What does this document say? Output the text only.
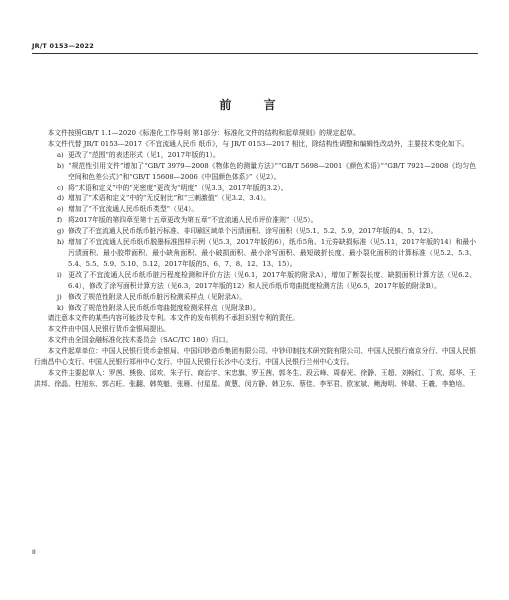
JR/T 0153—2022
前 言

本文件按照GB/T 1.1—2020《标准化工作导则 第1部分：标准化文件的结构和起草规则》的规定起草。

本文件代替 JR/T 0153—2017《不宜流通人民币 纸币》，与 JR/T 0153—2017 相比，除结构性调整和编辑性改动外，主要技术变化如下。

a) 更改了“范围”的表述形式（见1，2017年版的1）。

b) “规范性引用文件”增加了“GB/T 3979—2008《物体色的测量方法》”“GB/T 5698—2001《颜色术语》”“GB/T 7921—2008《均匀色空间和色差公式》”和“GB/T 15608—2006《中国颜色体系》”（见2）。

c) 将“术语和定义”中的“光密度”更改为“明度”（见3.3，2017年版的3.2）。

d) 增加了“术语和定义”中的“无反射比”和“三刺激值”（见3.2、3.4）。

e) 增加了“不宜流通人民币纸币类型”（见4）。

f) 将2017年版的第四章至第十五章更改为第五章“不宜流通人民币评价准则”（见5）。

g) 修改了不宜流通人民币纸币脏污标准、非印刷区域单个污渍面积、涂写面积（见5.1、5.2、5.9，2017年版的4、5、12）。

h) 增加了不宜流通人民币纸币脱墨标准图样示例（见5.3，2017年版的6），纸币5角、1元券缺损标准（见5.11，2017年版的14）和最小污渍面积、最小胶带面积、最小缺角面积、最小破损面积、最小涂写面积、最短破折长度、最小裂化面积的计算标准（见5.2、5.3、5.4、5.5、5.9、5.10、5.12，2017年版的5、6、7、8、12、13、15）。

i) 更改了不宜流通人民币纸币脏污程度检测和评价方法（见6.1，2017年版的附录A），增加了断裂长度、缺损面积计算方法（见6.2、6.4），修改了涂写面积计算方法（见6.3，2017年版的12）和人民币纸币弯曲挺度检测方法（见6.5，2017年版的附录B）。

j) 修改了规范性附录人民币纸币脏污检测采样点（见附录A）。

k) 修改了规范性附录人民币纸币弯曲挺度检测采样点（见附录B）。

请注意本文件的某些内容可能涉及专利。本文件的发布机构不承担识别专利的责任。

本文件由中国人民银行货币金银局提出。

本文件由全国金融标准化技术委员会（SAC/TC 180）归口。

本文件起草单位：中国人民银行货币金银局、中国印钞造币集团有限公司、中钞印制技术研究院有限公司、中国人民银行南京分行、中国人民银行南昌中心支行、中国人民银行郑州中心支行、中国人民银行长沙中心支行、中国人民银行兰州中心支行。

本文件主要起草人：罗茜、熊俊、邱欢、朱子行、商治宇、宋忠旗、罗玉茜、郭冬生、段云峰、周春光、徐静、王超、刘畅红、丁欢、郑华、王洪邦、徐晶、柱旭东、郭占旺、张翻、韩英魁、张雁、付星星、黄慧、闵方静、韩卫东、蔡佳、李军君、欧家斌、鲍海明、钟瑞、王羲、李艳培。

II
